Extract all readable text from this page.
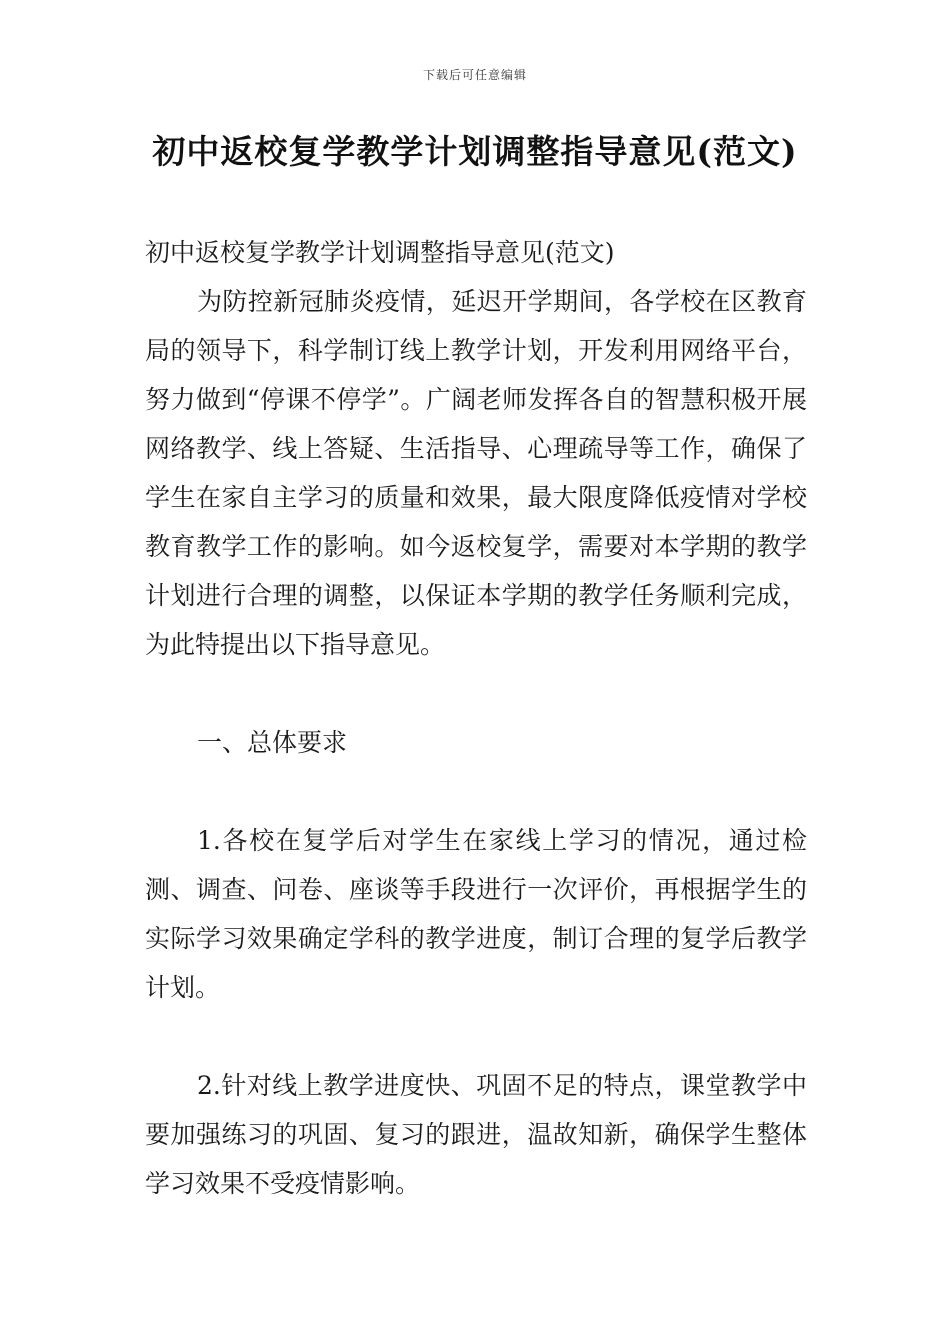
下载后可任意编辑
初中返校复学教学计划调整指导意见(范文)

初中返校复学教学计划调整指导意见(范文)

为防控新冠肺炎疫情，延迟开学期间，各学校在区教育局的领导下，科学制订线上教学计划，开发利用网络平台，努力做到“停课不停学”。广阔老师发挥各自的智慧积极开展网络教学、线上答疑、生活指导、心理疏导等工作，确保了学生在家自主学习的质量和效果，最大限度降低疫情对学校教育教学工作的影响。如今返校复学，需要对本学期的教学计划进行合理的调整，以保证本学期的教学任务顺利完成，为此特提出以下指导意见。

一、总体要求

1.各校在复学后对学生在家线上学习的情况，通过检测、调查、问卷、座谈等手段进行一次评价，再根据学生的实际学习效果确定学科的教学进度，制订合理的复学后教学计划。

2.针对线上教学进度快、巩固不足的特点，课堂教学中要加强练习的巩固、复习的跟进，温故知新，确保学生整体学习效果不受疫情影响。
